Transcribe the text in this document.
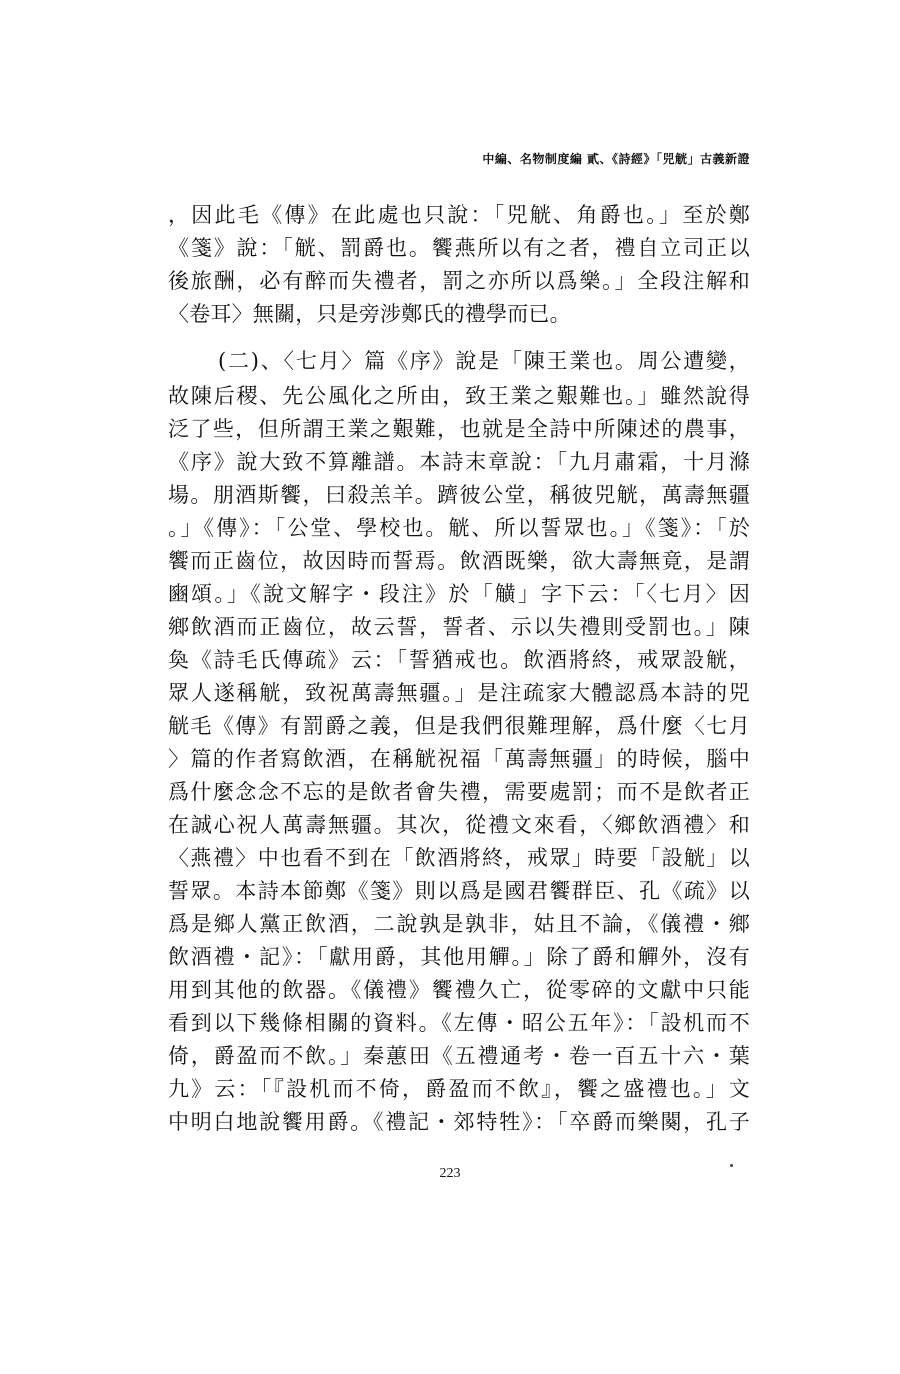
中編、名物制度編 貳、《詩經》「兕觥」古義新證
，因此毛《傳》在此處也只說：「兕觥、角爵也。」至於鄭
《箋》說：「觥、罰爵也。饗燕所以有之者，禮自立司正以
後旅酬，必有醉而失禮者，罰之亦所以爲樂。」全段注解和
〈卷耳〉無關，只是旁涉鄭氏的禮學而已。
(二)、〈七月〉篇《序》說是「陳王業也。周公遭變，
故陳后稷、先公風化之所由，致王業之艱難也。」雖然說得
泛了些，但所謂王業之艱難，也就是全詩中所陳述的農事，
《序》說大致不算離譜。本詩末章說：「九月肅霜，十月滌
場。朋酒斯饗，曰殺羔羊。躋彼公堂，稱彼兕觥，萬壽無疆
。」《傳》：「公堂、學校也。觥、所以誓眾也。」《箋》：「於
饗而正齒位，故因時而誓焉。飲酒既樂，欲大壽無竟，是謂
豳頌。」《說文解字・段注》於「觵」字下云：「〈七月〉因
鄉飲酒而正齒位，故云誓，誓者、示以失禮則受罰也。」陳
奐《詩毛氏傳疏》云：「誓猶戒也。飲酒將終，戒眾設觥，
眾人遂稱觥，致祝萬壽無疆。」是注疏家大體認爲本詩的兕
觥毛《傳》有罰爵之義，但是我們很難理解，爲什麼〈七月
〉篇的作者寫飲酒，在稱觥祝福「萬壽無疆」的時候，腦中
爲什麼念念不忘的是飲者會失禮，需要處罰；而不是飲者正
在誠心祝人萬壽無疆。其次，從禮文來看，〈鄉飲酒禮〉和
〈燕禮〉中也看不到在「飲酒將終，戒眾」時要「設觥」以
誓眾。本詩本節鄭《箋》則以爲是國君饗群臣、孔《疏》以
爲是鄉人黨正飲酒，二說孰是孰非，姑且不論，《儀禮・鄉
飲酒禮・記》：「獻用爵，其他用觶。」除了爵和觶外，沒有
用到其他的飲器。《儀禮》饗禮久亡，從零碎的文獻中只能
看到以下幾條相關的資料。《左傳・昭公五年》：「設机而不
倚，爵盈而不飲。」秦蕙田《五禮通考・卷一百五十六・葉
九》云：「『設机而不倚，爵盈而不飲』，饗之盛禮也。」文
中明白地說饗用爵。《禮記・郊特牲》：「卒爵而樂闋，孔子
223
